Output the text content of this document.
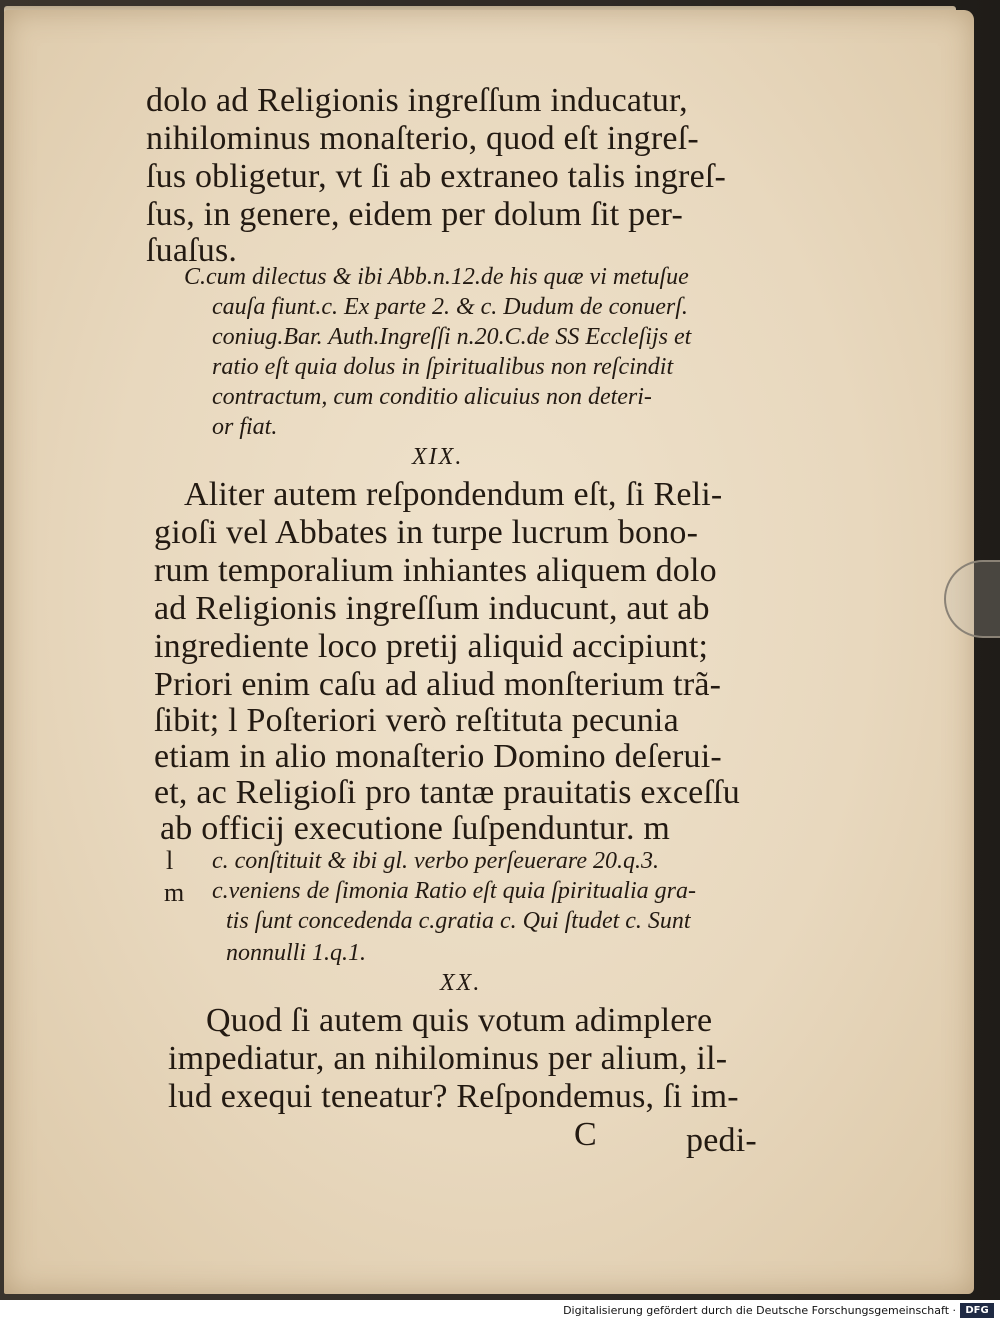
dolo ad Religionis ingreſſum inducatur,
nihilominus monaſterio, quod eſt ingreſ-
ſus obligetur, vt ſi ab extraneo talis ingreſ-
ſus, in genere, eidem per dolum ſit per-
ſuaſus.
C.cum dilectus & ibi Abb.n.12.de his quæ vi metuſue
cauſa fiunt.c. Ex parte 2. & c. Dudum de conuerſ.
coniug.Bar. Auth.Ingreſſi n.20.C.de SS Eccleſijs et
ratio eſt quia dolus in ſpiritualibus non reſcindit
contractum, cum conditio alicuius non deteri-
or fiat.
XIX.
Aliter autem reſpondendum eſt, ſi Reli-
gioſi vel Abbates in turpe lucrum bono-
rum temporalium inhiantes aliquem dolo
ad Religionis ingreſſum inducunt, aut ab
ingrediente loco pretij aliquid accipiunt;
Priori enim caſu ad aliud monſterium trã-
ſibit; l Poſteriori verò reſtituta pecunia
etiam in alio monaſterio Domino deſerui-
et, ac Religioſi pro tantæ prauitatis exceſſu
ab officij executione ſuſpenduntur. m
l
m
c. conſtituit & ibi gl. verbo perſeuerare 20.q.3.
c.veniens de ſimonia Ratio eſt quia ſpiritualia gra-
tis ſunt concedenda c.gratia c. Qui ſtudet c. Sunt
nonnulli 1.q.1.
XX.
Quod ſi autem quis votum adimplere
impediatur, an nihilominus per alium, il-
lud exequi teneatur? Reſpondemus, ſi im-
C	pedi-
Digitalisierung gefördert durch die Deutsche Forschungsgemeinschaft · DFG
